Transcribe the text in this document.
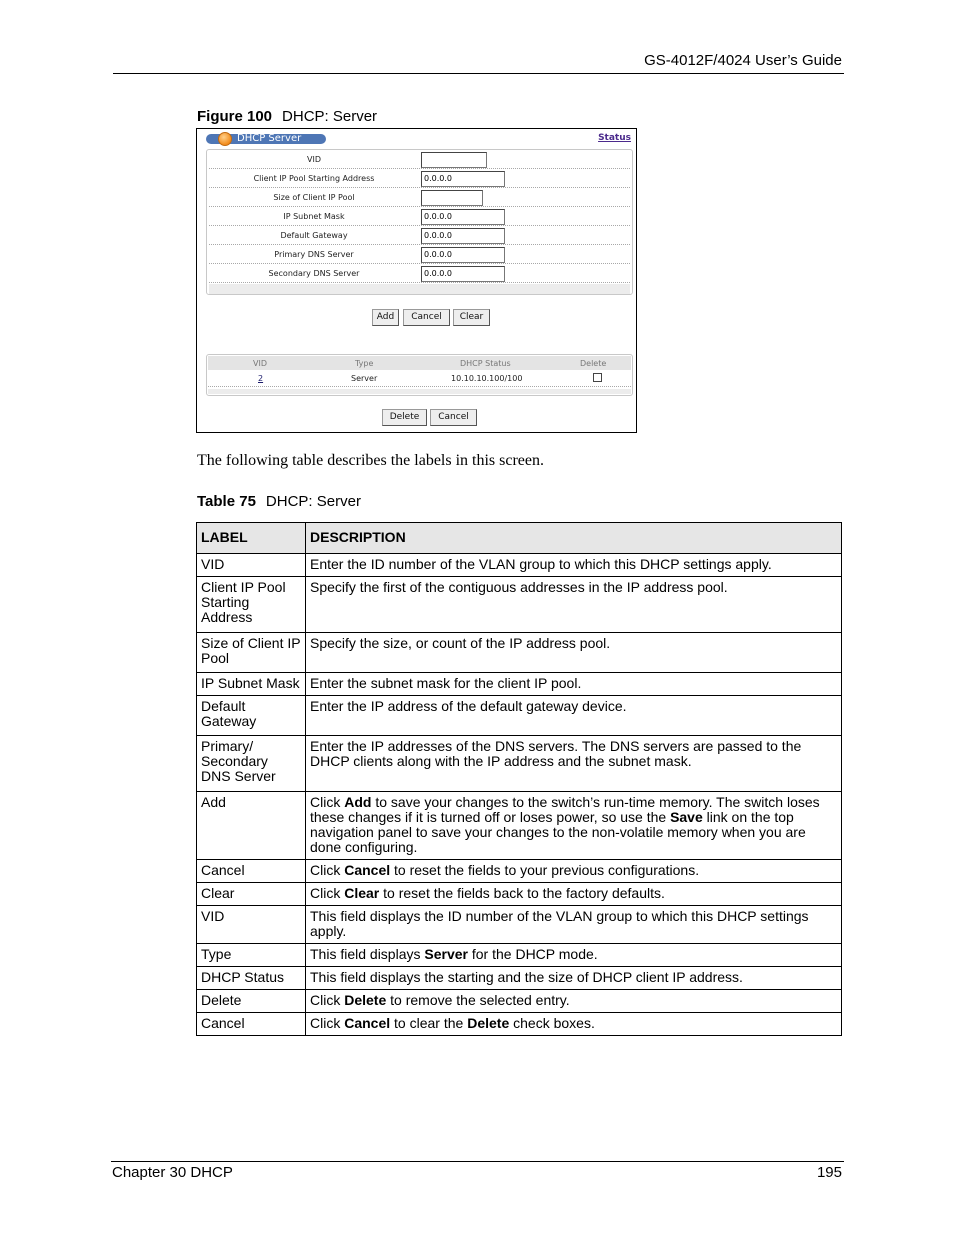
GS-4012F/4024 User’s Guide
Figure 100 DHCP: Server
DHCP Server	Status
VID
Client IP Pool Starting Address	0.0.0.0
Size of Client IP Pool
IP Subnet Mask	0.0.0.0
Default Gateway	0.0.0.0
Primary DNS Server	0.0.0.0
Secondary DNS Server	0.0.0.0
Add	Cancel	Clear
VID	Type	DHCP Status	Delete
2	Server	10.10.10.100/100
Delete	Cancel
The following table describes the labels in this screen.
Table 75 DHCP: Server
LABEL	DESCRIPTION
VID	Enter the ID number of the VLAN group to which this DHCP settings apply.
Client IP Pool Starting Address	Specify the first of the contiguous addresses in the IP address pool.
Size of Client IP Pool	Specify the size, or count of the IP address pool.
IP Subnet Mask	Enter the subnet mask for the client IP pool.
Default Gateway	Enter the IP address of the default gateway device.
Primary/ Secondary DNS Server	Enter the IP addresses of the DNS servers. The DNS servers are passed to the DHCP clients along with the IP address and the subnet mask.
Add	Click Add to save your changes to the switch’s run-time memory. The switch loses these changes if it is turned off or loses power, so use the Save link on the top navigation panel to save your changes to the non-volatile memory when you are done configuring.
Cancel	Click Cancel to reset the fields to your previous configurations.
Clear	Click Clear to reset the fields back to the factory defaults.
VID	This field displays the ID number of the VLAN group to which this DHCP settings apply.
Type	This field displays Server for the DHCP mode.
DHCP Status	This field displays the starting and the size of DHCP client IP address.
Delete	Click Delete to remove the selected entry.
Cancel	Click Cancel to clear the Delete check boxes.
Chapter 30 DHCP	195
